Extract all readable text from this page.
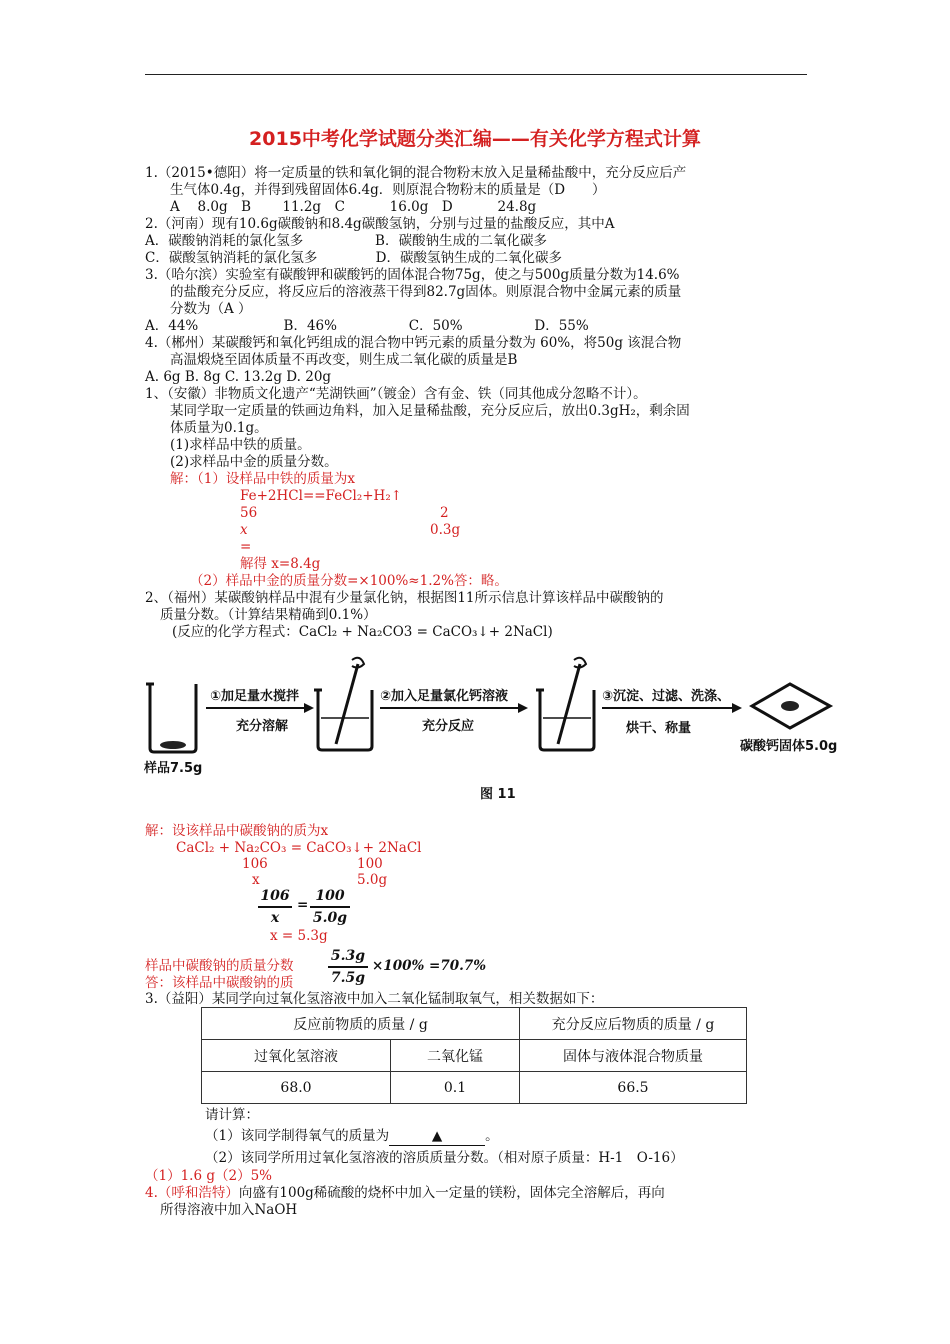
2015中考化学试题分类汇编——有关化学方程式计算
1.（2015•德阳）将一定质量的铁和氧化铜的混合物粉末放入足量稀盐酸中，充分反应后产
生气体0.4g，并得到残留固体6.4g．则原混合物粉末的质量是（D　　）
A　 8.0g　B　　 11.2g　C　　　 16.0g　D　　　 24.8g
2.（河南）现有10.6g碳酸钠和8.4g碳酸氢钠，分别与过量的盐酸反应，其中A
A．碳酸钠消耗的氯化氢多　　　　　 B．碳酸钠生成的二氧化碳多
C．碳酸氢钠消耗的氯化氢多　　　　 D．碳酸氢钠生成的二氧化碳多
3.（哈尔滨）实验室有碳酸钾和碳酸钙的固体混合物75g，使之与500g质量分数为14.6%
的盐酸充分反应，将反应后的溶液蒸干得到82.7g固体。则原混合物中金属元素的质量
分数为（A ）
A．44%　　　　　　 B．46%　　　　　 C．50%　　　　　 D．55%
4.（郴州）某碳酸钙和氧化钙组成的混合物中钙元素的质量分数为 60%，将50g 该混合物
高温煅烧至固体质量不再改变，则生成二氧化碳的质量是B
A. 6g B. 8g C. 13.2g D. 20g
1、（安徽）非物质文化遗产“芜湖铁画”（镀金）含有金、铁（同其他成分忽略不计）。
某同学取一定质量的铁画边角料，加入足量稀盐酸，充分反应后，放出0.3gH₂，剩余固
体质量为0.1g。
(1)求样品中铁的质量。
(2)求样品中金的质量分数。
解：（1）设样品中铁的质量为x
Fe+2HCl==FeCl₂+H₂↑
56	2
x	0.3g
=
解得 x=8.4g
（2）样品中金的质量分数=×100%≈1.2%答：略。
2、（福州）某碳酸钠样品中混有少量氯化钠，根据图11所示信息计算该样品中碳酸钠的
质量分数。（计算结果精确到0.1%）
(反应的化学方程式：CaCl₂ + Na₂CO3 = CaCO₃↓+ 2NaCl)
样品7.5g
①加足量水搅拌
充分溶解
②加入足量氯化钙溶液
充分反应
③沉淀、过滤、洗涤、
烘干、称量
碳酸钙固体5.0g
图 11
解：设该样品中碳酸钠的质为x
CaCl₂ + Na₂CO₃ = CaCO₃↓+ 2NaCl
106	100
x	5.0g
106
x
=
100
5.0g
x = 5.3g
样品中碳酸钠的质量分数
5.3g
7.5g
×100% =70.7%
答：该样品中碳酸钠的质
3.（益阳）某同学向过氧化氢溶液中加入二氧化锰制取氧气，相关数据如下：
反应前物质的质量 / g		充分反应后物质的质量 / g
过氧化氢溶液	二氧化锰	固体与液体混合物质量
68.0	0.1	66.5
请计算：
（1）该同学制得氧气的质量为	▲	。
（2）该同学所用过氧化氢溶液的溶质质量分数。（相对原子质量：H-1　O-16）
（1）1.6 g（2）5%
4.（呼和浩特）向盛有100g稀硫酸的烧杯中加入一定量的镁粉，固体完全溶解后，再向
所得溶液中加入NaOH
